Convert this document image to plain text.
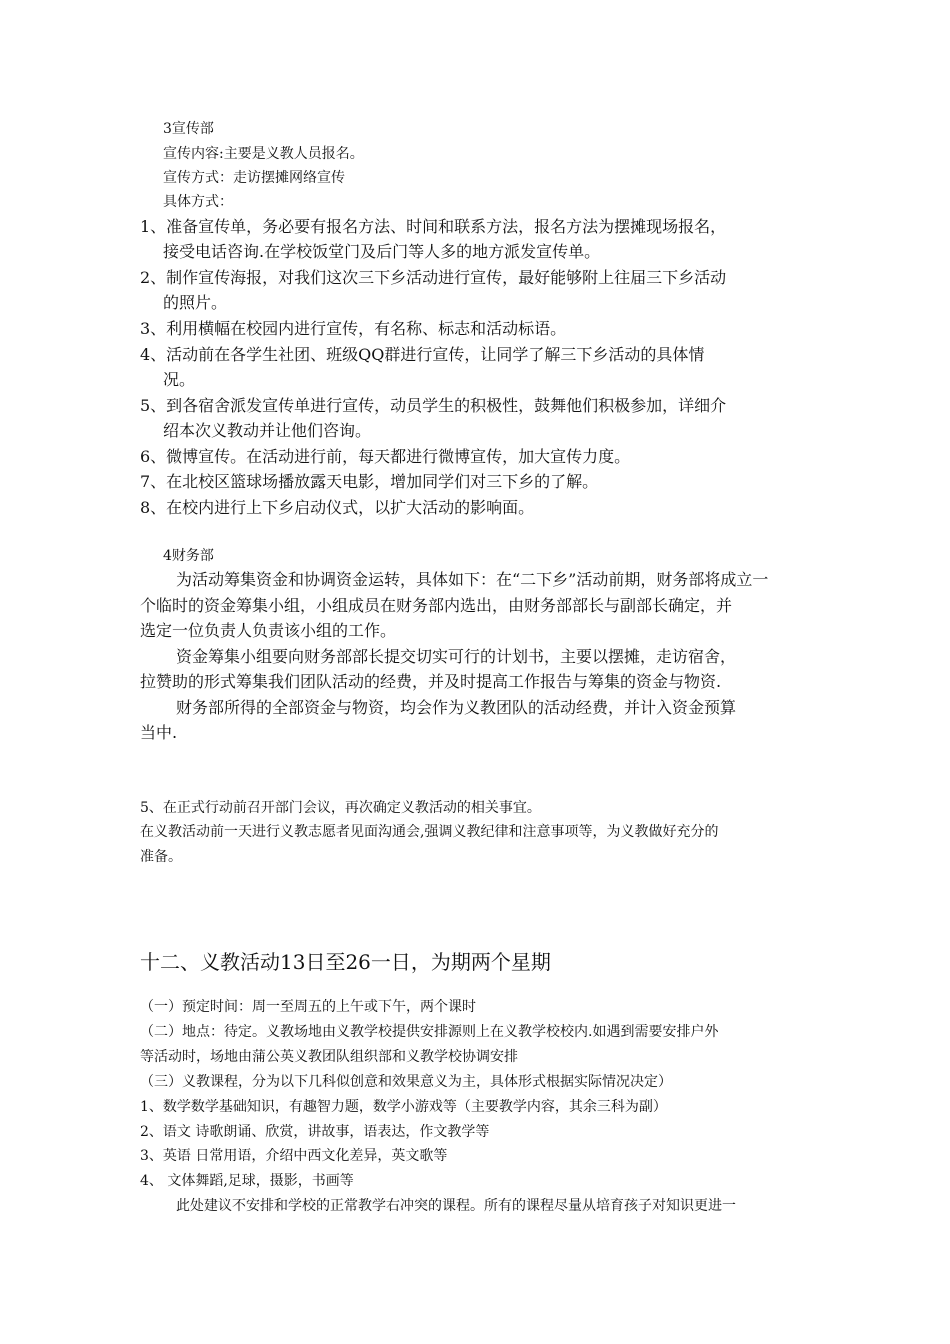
3宣传部

宣传内容:主要是义教人员报名。

宣传方式：走访摆摊网络宣传

具体方式：

1、准备宣传单，务必要有报名方法、时间和联系方法，报名方法为摆摊现场报名，

接受电话咨询.在学校饭堂门及后门等人多的地方派发宣传单。

2、制作宣传海报，对我们这次三下乡活动进行宣传，最好能够附上往届三下乡活动

的照片。

3、利用横幅在校园内进行宣传，有名称、标志和活动标语。

4、活动前在各学生社团、班级QQ群进行宣传，让同学了解三下乡活动的具体情

况。

5、到各宿舍派发宣传单进行宣传，动员学生的积极性，鼓舞他们积极参加，详细介

绍本次义教动并让他们咨询。

6、微博宣传。在活动进行前，每天都进行微博宣传，加大宣传力度。

7、在北校区篮球场播放露天电影，增加同学们对三下乡的了解。

8、在校内进行上下乡启动仪式，以扩大活动的影响面。

4财务部

为活动筹集资金和协调资金运转，具体如下：在“二下乡”活动前期，财务部将成立一

个临时的资金筹集小组，小组成员在财务部内选出，由财务部部长与副部长确定，并

选定一位负责人负责该小组的工作。

资金筹集小组要向财务部部长提交切实可行的计划书，主要以摆摊，走访宿舍，

拉赞助的形式筹集我们团队活动的经费，并及时提高工作报告与筹集的资金与物资.

财务部所得的全部资金与物资，均会作为义教团队的活动经费，并计入资金预算

当中.

5、在正式行动前召开部门会议，再次确定义教活动的相关事宜。

在义教活动前一天进行义教志愿者见面沟通会,强调义教纪律和注意事项等，为义教做好充分的

准备。

十二、义教活动13日至26一日，为期两个星期

（一）预定时间：周一至周五的上午或下午，两个课时

（二）地点：待定。义教场地由义教学校提供安排源则上在义教学校校内.如遇到需要安排户外

等活动时，场地由蒲公英义教团队组织部和义教学校协调安排

（三）义教课程，分为以下几科似创意和效果意义为主，具体形式根据实际情况决定）

1、数学数学基础知识，有趣智力题，数学小游戏等（主要教学内容，其余三科为副）

2、语文 诗歌朗诵、欣赏，讲故事，语表达，作文教学等

3、英语 日常用语，介绍中西文化差异，英文歌等

4、 文体舞蹈,足球，摄影，书画等

此处建议不安排和学校的正常教学右冲突的课程。所有的课程尽量从培育孩子对知识更进一
